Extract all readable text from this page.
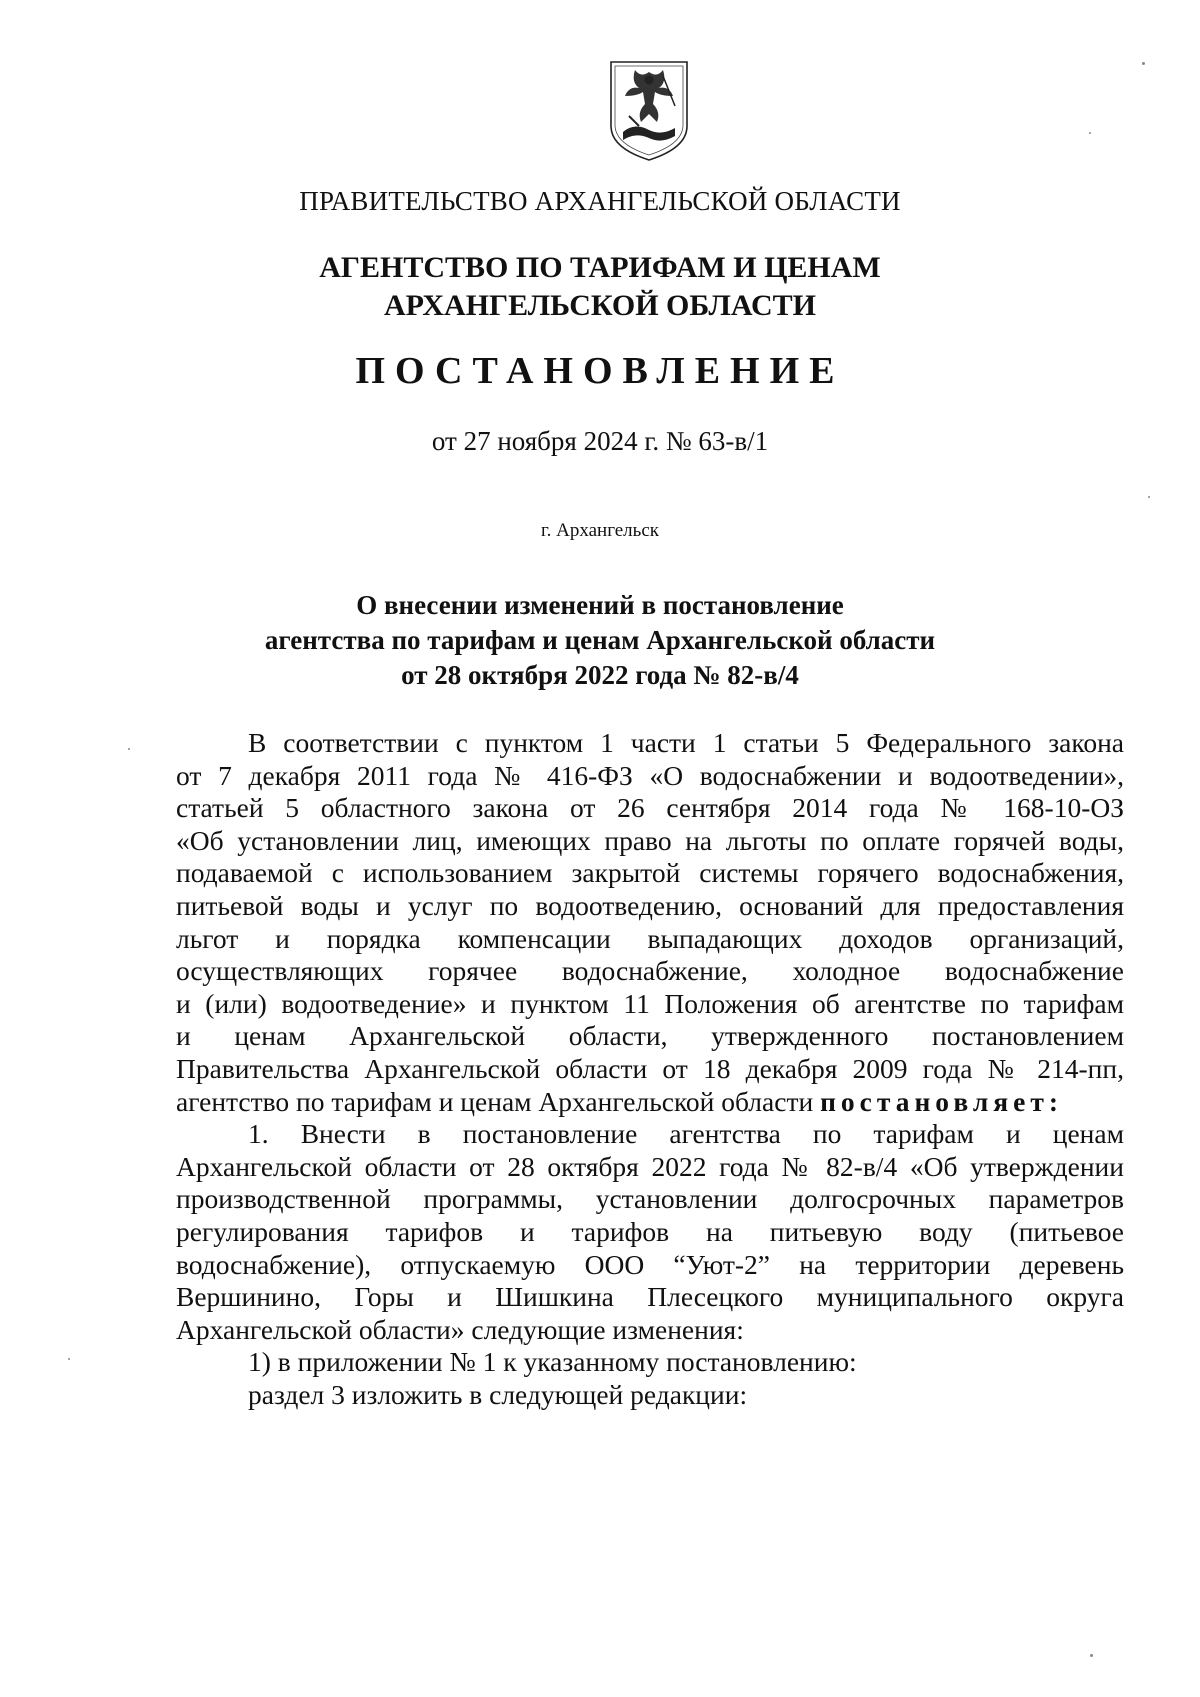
ПРАВИТЕЛЬСТВО АРХАНГЕЛЬСКОЙ ОБЛАСТИ
АГЕНТСТВО ПО ТАРИФАМ И ЦЕНАМ
АРХАНГЕЛЬСКОЙ ОБЛАСТИ
ПОСТАНОВЛЕНИЕ
от 27 ноября 2024 г. № 63-в/1
г. Архангельск
О внесении изменений в постановление
агентства по тарифам и ценам Архангельской области
от 28 октября 2022 года № 82-в/4
В соответствии с пунктом 1 части 1 статьи 5 Федерального закона
от 7 декабря 2011 года № 416-ФЗ «О водоснабжении и водоотведении»,
статьей 5 областного закона от 26 сентября 2014 года № 168-10-ОЗ
«Об установлении лиц, имеющих право на льготы по оплате горячей воды,
подаваемой с использованием закрытой системы горячего водоснабжения,
питьевой воды и услуг по водоотведению, оснований для предоставления
льгот и порядка компенсации выпадающих доходов организаций,
осуществляющих горячее водоснабжение, холодное водоснабжение
и (или) водоотведение» и пунктом 11 Положения об агентстве по тарифам
и ценам Архангельской области, утвержденного постановлением
Правительства Архангельской области от 18 декабря 2009 года № 214-пп,
агентство по тарифам и ценам Архангельской области постановляет:
1. Внести в постановление агентства по тарифам и ценам
Архангельской области от 28 октября 2022 года № 82-в/4 «Об утверждении
производственной программы, установлении долгосрочных параметров
регулирования тарифов и тарифов на питьевую воду (питьевое
водоснабжение), отпускаемую ООО “Уют-2” на территории деревень
Вершинино, Горы и Шишкина Плесецкого муниципального округа
Архангельской области» следующие изменения:
1) в приложении № 1 к указанному постановлению:
раздел 3 изложить в следующей редакции:
